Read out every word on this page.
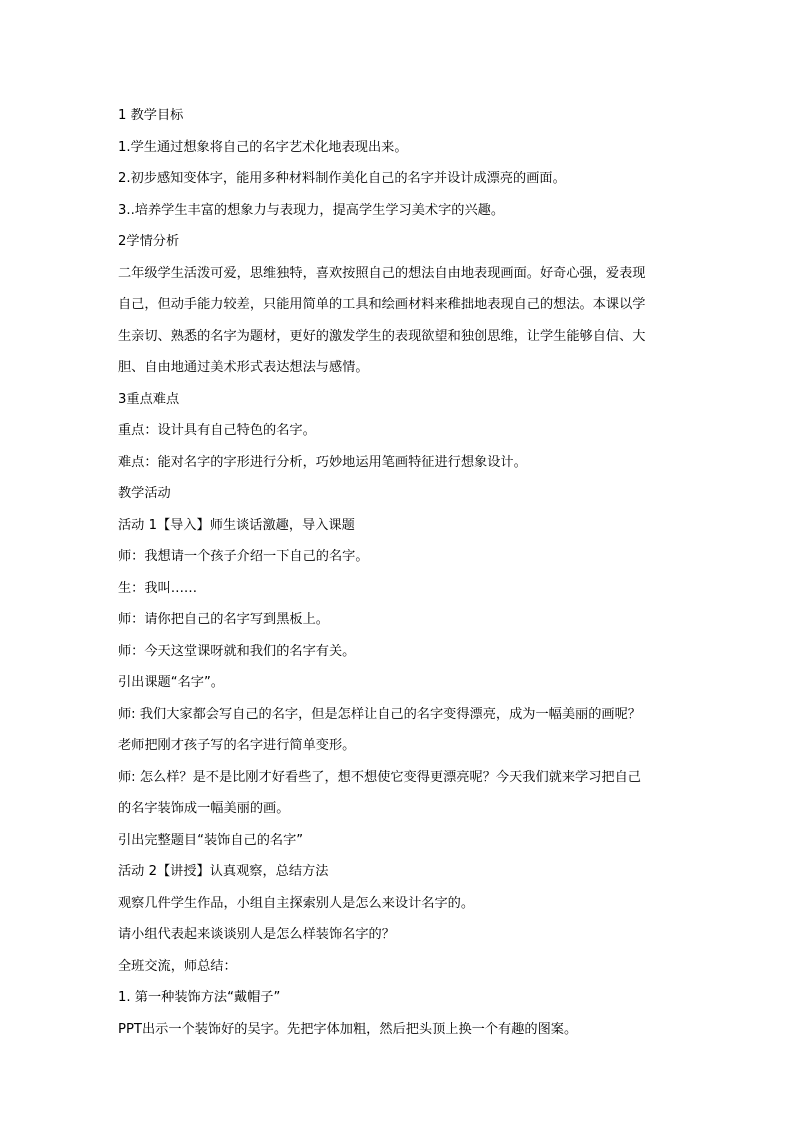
1 教学目标
1.学生通过想象将自己的名字艺术化地表现出来。
2.初步感知变体字，能用多种材料制作美化自己的名字并设计成漂亮的画面。
3..培养学生丰富的想象力与表现力，提高学生学习美术字的兴趣。
2学情分析
二年级学生活泼可爱，思维独特，喜欢按照自己的想法自由地表现画面。好奇心强，爱表现
自己，但动手能力较差，只能用简单的工具和绘画材料来稚拙地表现自己的想法。本课以学
生亲切、熟悉的名字为题材，更好的激发学生的表现欲望和独创思维，让学生能够自信、大
胆、自由地通过美术形式表达想法与感情。
3重点难点
重点：设计具有自己特色的名字。
难点：能对名字的字形进行分析，巧妙地运用笔画特征进行想象设计。
教学活动
活动 1【导入】师生谈话激趣，导入课题
师：我想请一个孩子介绍一下自己的名字。
生：我叫……
师：请你把自己的名字写到黑板上。
师：今天这堂课呀就和我们的名字有关。
引出课题“名字”。
师: 我们大家都会写自己的名字，但是怎样让自己的名字变得漂亮，成为一幅美丽的画呢？
老师把刚才孩子写的名字进行简单变形。
师: 怎么样？是不是比刚才好看些了，想不想使它变得更漂亮呢？今天我们就来学习把自己
的名字装饰成一幅美丽的画。
引出完整题目“装饰自己的名字”
活动 2【讲授】认真观察，总结方法
观察几件学生作品，小组自主探索别人是怎么来设计名字的。
请小组代表起来谈谈别人是怎么样装饰名字的？
全班交流，师总结：
1. 第一种装饰方法“戴帽子”
PPT出示一个装饰好的吴字。先把字体加粗，然后把头顶上换一个有趣的图案。
